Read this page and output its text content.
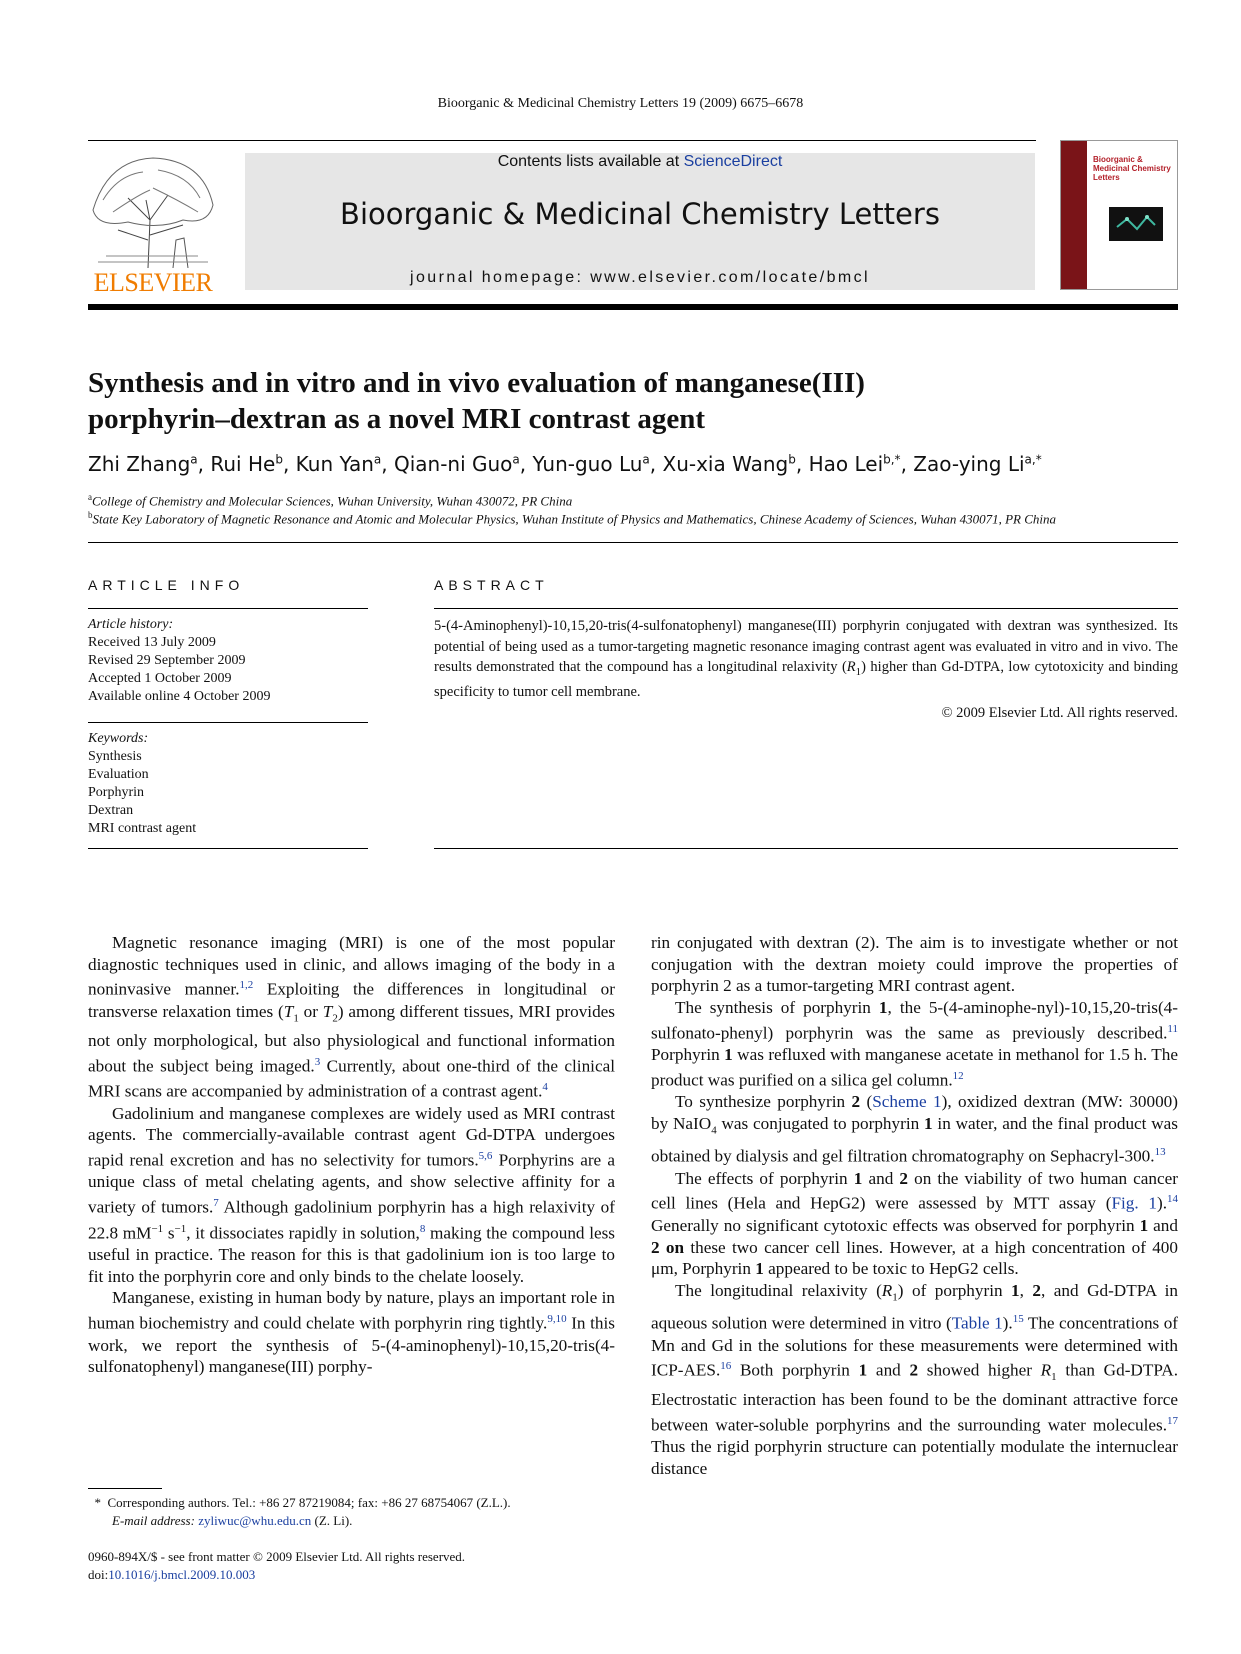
Bioorganic & Medicinal Chemistry Letters 19 (2009) 6675–6678
ELSEVIER
Contents lists available at ScienceDirect
Bioorganic & Medicinal Chemistry Letters
journal homepage: www.elsevier.com/locate/bmcl
Bioorganic & Medicinal Chemistry Letters
Synthesis and in vitro and in vivo evaluation of manganese(III)
porphyrin–dextran as a novel MRI contrast agent
Zhi Zhang$^a$, Rui He$^b$, Kun Yan$^a$, Qian-ni Guo$^a$, Yun-guo Lu$^a$, Xu-xia Wang$^b$, Hao Lei$^{b,*}$, Zao-ying $Li^{a,*}$
$^a$College of Chemistry and Molecular Sciences, Wuhan University, Wuhan 430072, PR China
$^b$State Key Laboratory of Magnetic Resonance and Atomic and Molecular Physics, Wuhan Institute of Physics and Mathematics, Chinese Academy of Sciences, Wuhan 430071, PR China
ARTICLE INFO
Article history:
Received 13 July 2009
Revised 29 September 2009
Accepted 1 October 2009
Available online 4 October 2009
Keywords:
Synthesis
Evaluation
Porphyrin
Dextran
MRI contrast agent
ABSTRACT
5-(4-Aminophenyl)-10,15,20-tris(4-sulfonatophenyl) manganese(III) porphyrin conjugated with dextran was synthesized. Its potential of being used as a tumor-targeting magnetic resonance imaging contrast agent was evaluated in vitro and in vivo. The results demonstrated that the compound has a longitudinal relaxivity $(R_1)$ higher than Gd-DTPA, low cytotoxicity and binding specificity to tumor cell membrane.
© 2009 Elsevier Ltd. All rights reserved.

Magnetic resonance imaging (MRI) is one of the most popular diagnostic techniques used in clinic, and allows imaging of the body in a noninvasive manner.$^{1,2}$ Exploiting the differences in longitudinal or transverse relaxation times ($T_1$ or $T_2$) among different tissues, MRI provides not only morphological, but also physiological and functional information about the subject being imaged.$^3$ Currently, about one-third of the clinical MRI scans are accompanied by administration of a contrast agent.$^4$

Gadolinium and manganese complexes are widely used as MRI contrast agents. The commercially-available contrast agent Gd-DTPA undergoes rapid renal excretion and has no selectivity for tumors.$^{5,6}$ Porphyrins are a unique class of metal chelating agents, and show selective affinity for a variety of tumors.$^7$ Although gadolinium porphyrin has a high relaxivity of 22.8 $mM^{-1}$ $s^{-1}$, it dissociates rapidly in solution,$^8$ making the compound less useful in practice. The reason for this is that gadolinium ion is too large to fit into the porphyrin core and only binds to the chelate loosely.

Manganese, existing in human body by nature, plays an important role in human biochemistry and could chelate with porphyrin ring tightly.$^{9,10}$ In this work, we report the synthesis of 5-(4-aminophenyl)-10,15,20-tris(4-sulfonatophenyl) manganese(III) porphy-

rin conjugated with dextran (2). The aim is to investigate whether or not conjugation with the dextran moiety could improve the properties of porphyrin 2 as a tumor-targeting MRI contrast agent.

The synthesis of porphyrin 1, the 5-(4-aminophe-nyl)-10,15,20-tris(4-sulfonato-phenyl) porphyrin was the same as previously described.$^{11}$ Porphyrin 1 was refluxed with manganese acetate in methanol for 1.5 h. The product was purified on a silica gel column.$^{12}$

To synthesize porphyrin 2 (Scheme 1), oxidized dextran (MW: 30000) by NaIO$_4$ was conjugated to porphyrin 1 in water, and the final product was obtained by dialysis and gel filtration chromatography on Sephacryl-300.13

The effects of porphyrin 1 and 2 on the viability of two human cancer cell lines (Hela and HepG2) were assessed by MTT assay (Fig. 1).$^{14}$ Generally no significant cytotoxic effects was observed for porphyrin 1 and 2 on these two cancer cell lines. However, at a high concentration of 400 μm, Porphyrin 1 appeared to be toxic to HepG2 cells.

The longitudinal relaxivity $(R_1)$ of porphyrin 1, 2, and Gd-DTPA in aqueous solution were determined in vitro (Table 1).$^{15}$ The concentrations of Mn and Gd in the solutions for these measurements were determined with ICP-AES.$^{16}$ Both porphyrin 1 and 2 showed higher $R_1$ than Gd-DTPA. Electrostatic interaction has been found to be the dominant attractive force between water-soluble porphyrins and the surrounding water molecules.$^{17}$ Thus the rigid porphyrin structure can potentially modulate the internuclear distance

* Corresponding authors. Tel.: +86 27 87219084; fax: +86 27 68754067 (Z.L.).
E-mail address: zyliwuc@whu.edu.cn (Z. Li).
0960-894X/$ - see front matter © 2009 Elsevier Ltd. All rights reserved.
doi:10.1016/j.bmcl.2009.10.003
